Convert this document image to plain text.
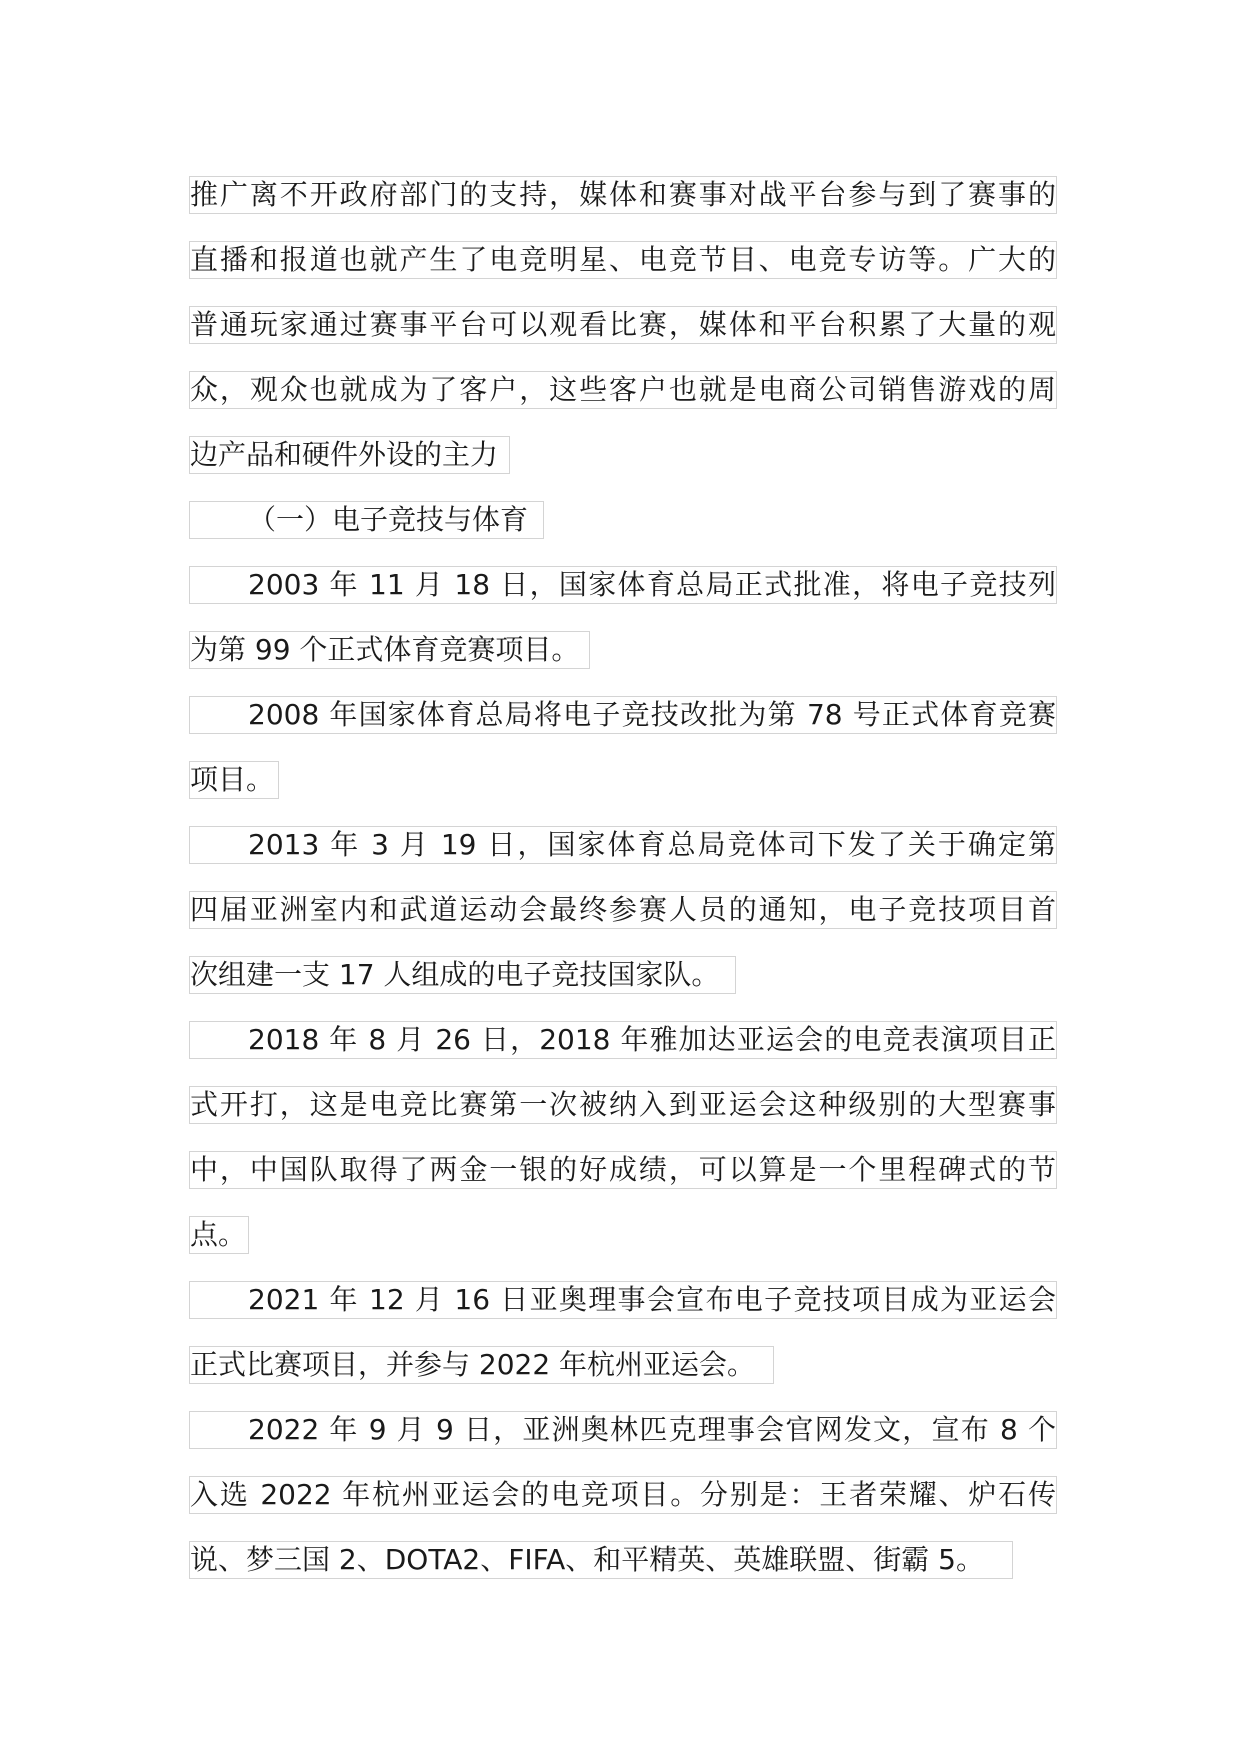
推广离不开政府部门的支持，媒体和赛事对战平台参与到了赛事的
直播和报道也就产生了电竞明星、电竞节目、电竞专访等。广大的
普通玩家通过赛事平台可以观看比赛，媒体和平台积累了大量的观
众，观众也就成为了客户，这些客户也就是电商公司销售游戏的周
边产品和硬件外设的主力
（一）电子竞技与体育
2003 年 11 月 18 日，国家体育总局正式批准，将电子竞技列
为第 99 个正式体育竞赛项目。
2008 年国家体育总局将电子竞技改批为第 78 号正式体育竞赛
项目。
2013 年 3 月 19 日，国家体育总局竞体司下发了关于确定第
四届亚洲室内和武道运动会最终参赛人员的通知，电子竞技项目首
次组建一支 17 人组成的电子竞技国家队。
2018 年 8 月 26 日，2018 年雅加达亚运会的电竞表演项目正
式开打，这是电竞比赛第一次被纳入到亚运会这种级别的大型赛事
中，中国队取得了两金一银的好成绩，可以算是一个里程碑式的节
点。
2021 年 12 月 16 日亚奥理事会宣布电子竞技项目成为亚运会
正式比赛项目，并参与 2022 年杭州亚运会。
2022 年 9 月 9 日，亚洲奥林匹克理事会官网发文，宣布 8 个
入选 2022 年杭州亚运会的电竞项目。分别是：王者荣耀、炉石传
说、梦三国 2、DOTA2、FIFA、和平精英、英雄联盟、街霸 5。
